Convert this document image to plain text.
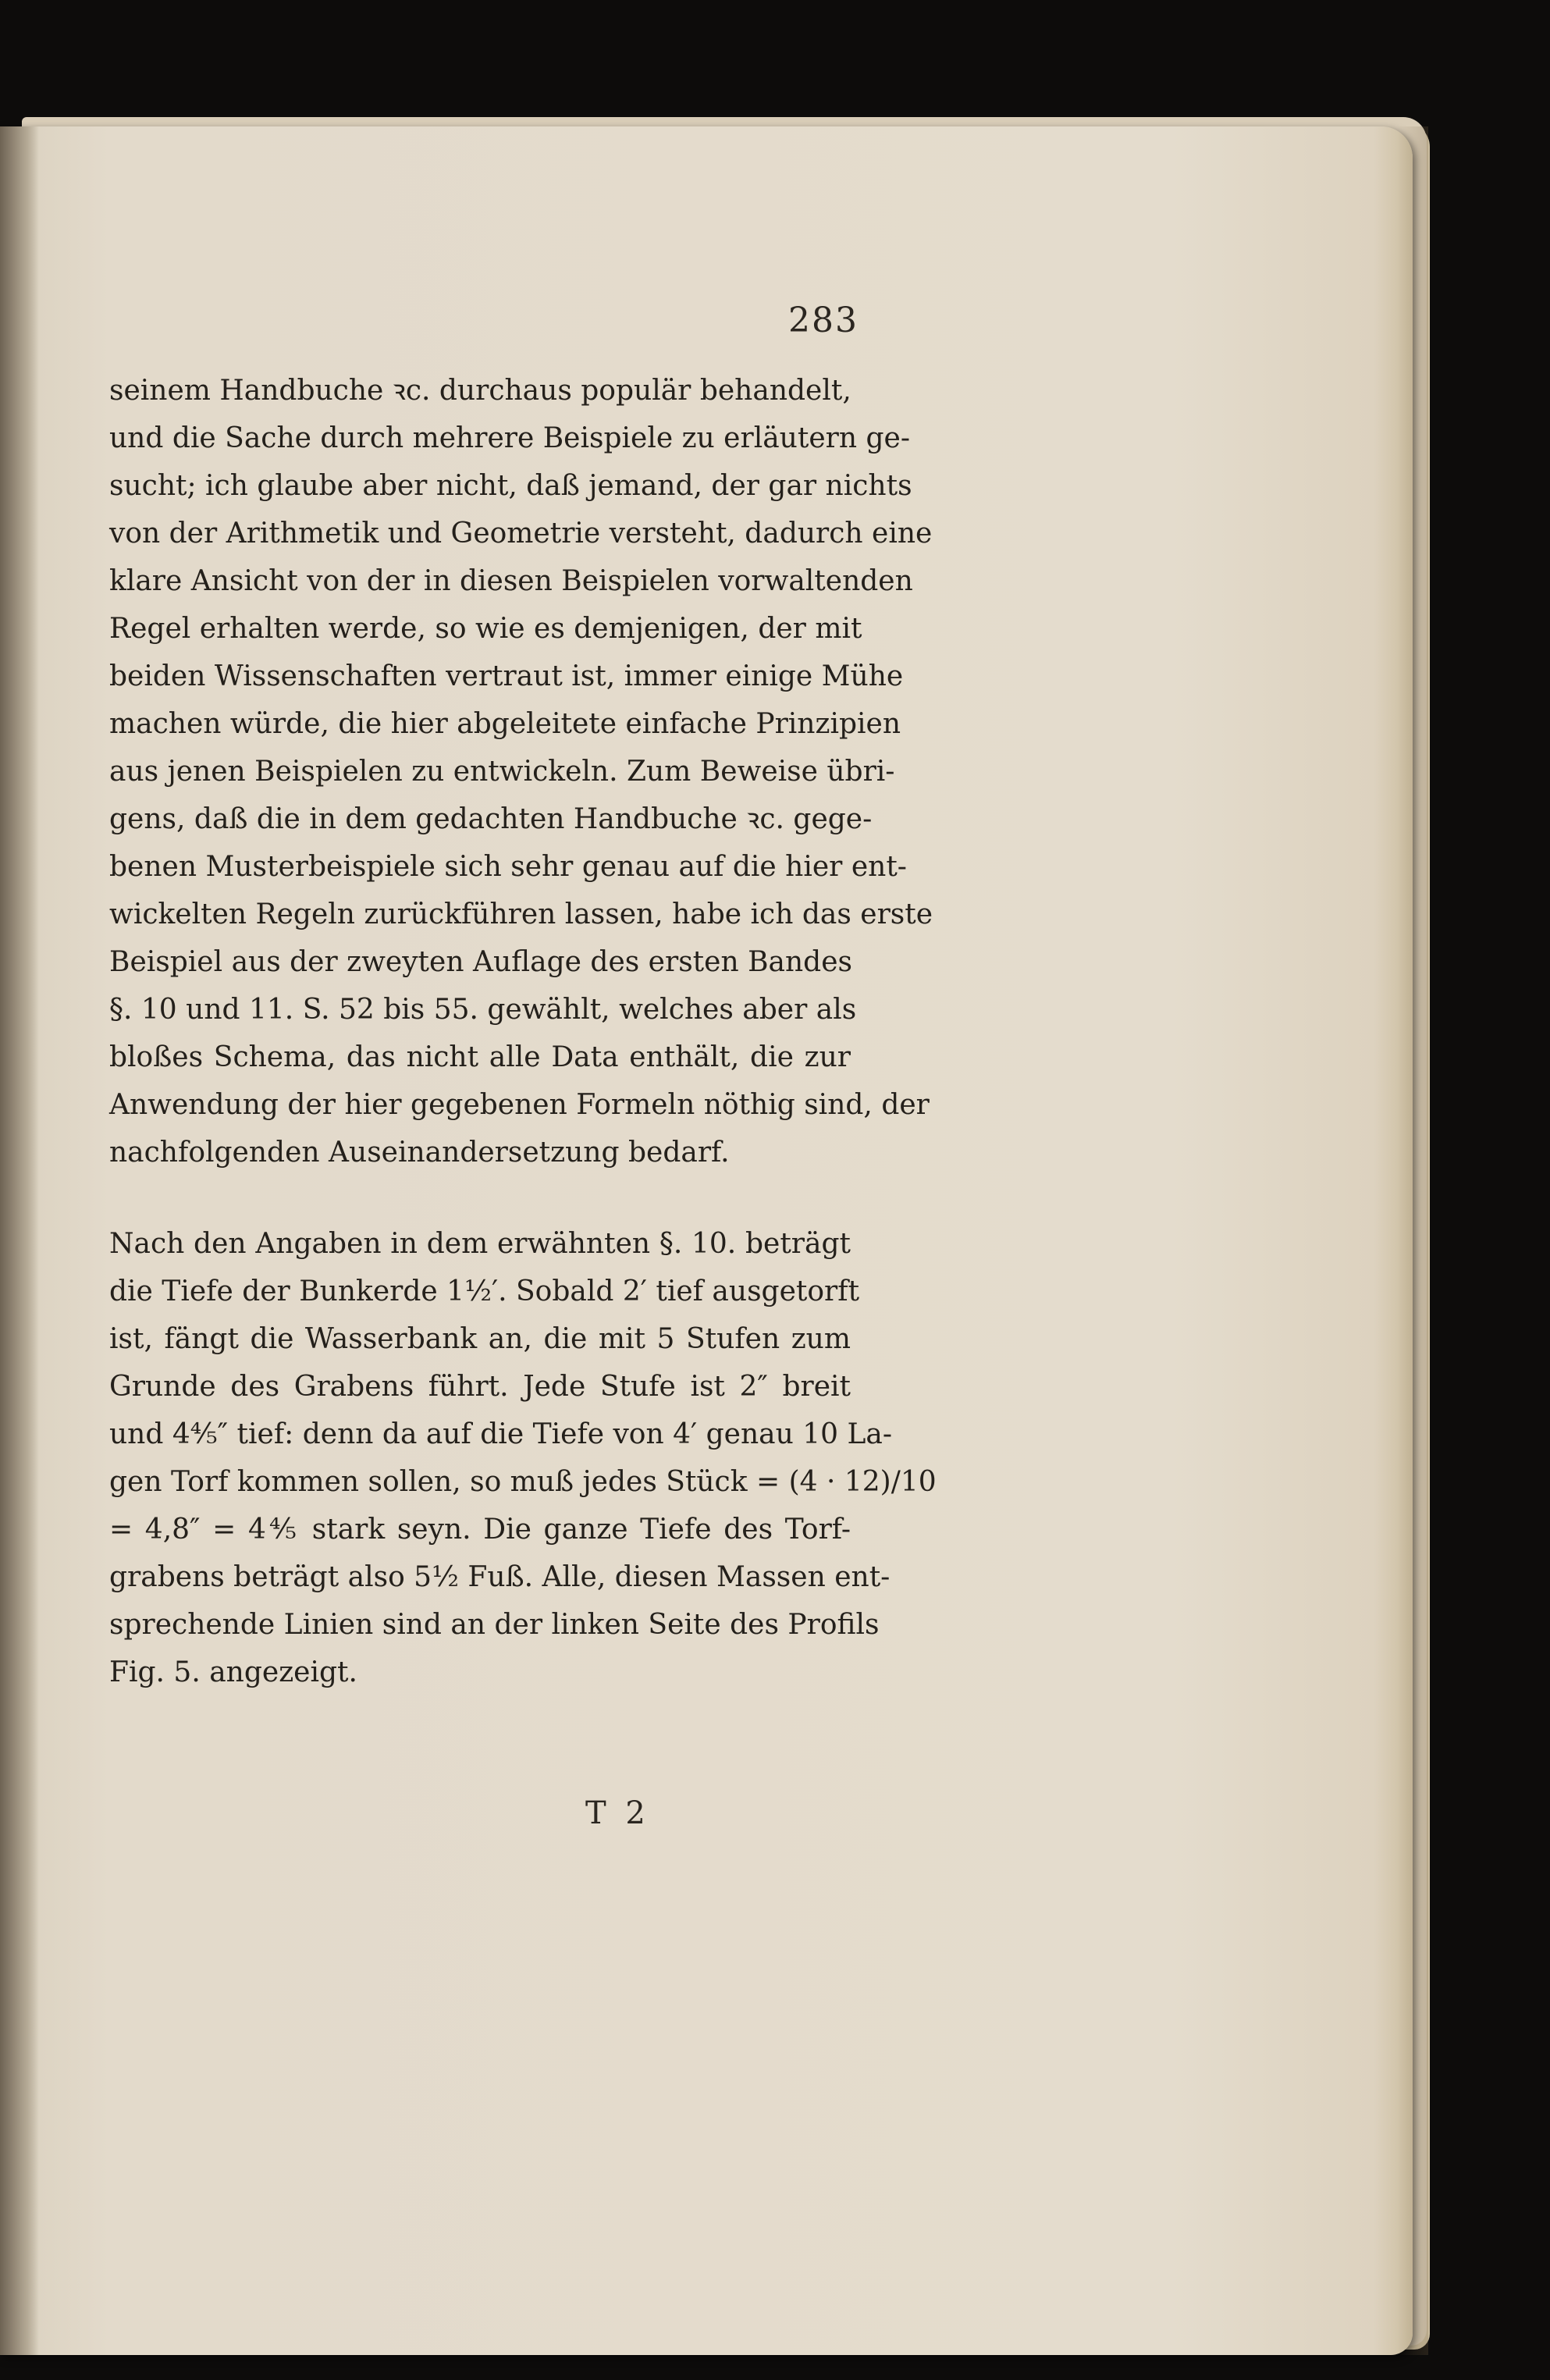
283
seinem Handbuche ꝛc. durchaus populär behandelt,
und die Sache durch mehrere Beispiele zu erläutern ge-
sucht; ich glaube aber nicht, daß jemand, der gar nichts
von der Arithmetik und Geometrie versteht, dadurch eine
klare Ansicht von der in diesen Beispielen vorwaltenden
Regel erhalten werde, so wie es demjenigen, der mit
beiden Wissenschaften vertraut ist, immer einige Mühe
machen würde, die hier abgeleitete einfache Prinzipien
aus jenen Beispielen zu entwickeln. Zum Beweise übri-
gens, daß die in dem gedachten Handbuche ꝛc. gege-
benen Musterbeispiele sich sehr genau auf die hier ent-
wickelten Regeln zurückführen lassen, habe ich das erste
Beispiel aus der zweyten Auflage des ersten Bandes
§. 10 und 11. S. 52 bis 55. gewählt, welches aber als
bloßes Schema, das nicht alle Data enthält, die zur
Anwendung der hier gegebenen Formeln nöthig sind, der
nachfolgenden Auseinandersetzung bedarf.
Nach den Angaben in dem erwähnten §. 10. beträgt
die Tiefe der Bunkerde 1½′. Sobald 2′ tief ausgetorft
ist, fängt die Wasserbank an, die mit 5 Stufen zum
Grunde des Grabens führt. Jede Stufe ist 2″ breit
und 4⅘″ tief: denn da auf die Tiefe von 4′ genau 10 La-
gen Torf kommen sollen, so muß jedes Stück = (4 · 12)/10
= 4,8″ = 4⅘ stark seyn. Die ganze Tiefe des Torf-
grabens beträgt also 5½ Fuß. Alle, diesen Massen ent-
sprechende Linien sind an der linken Seite des Profils
Fig. 5. angezeigt.
T 2
